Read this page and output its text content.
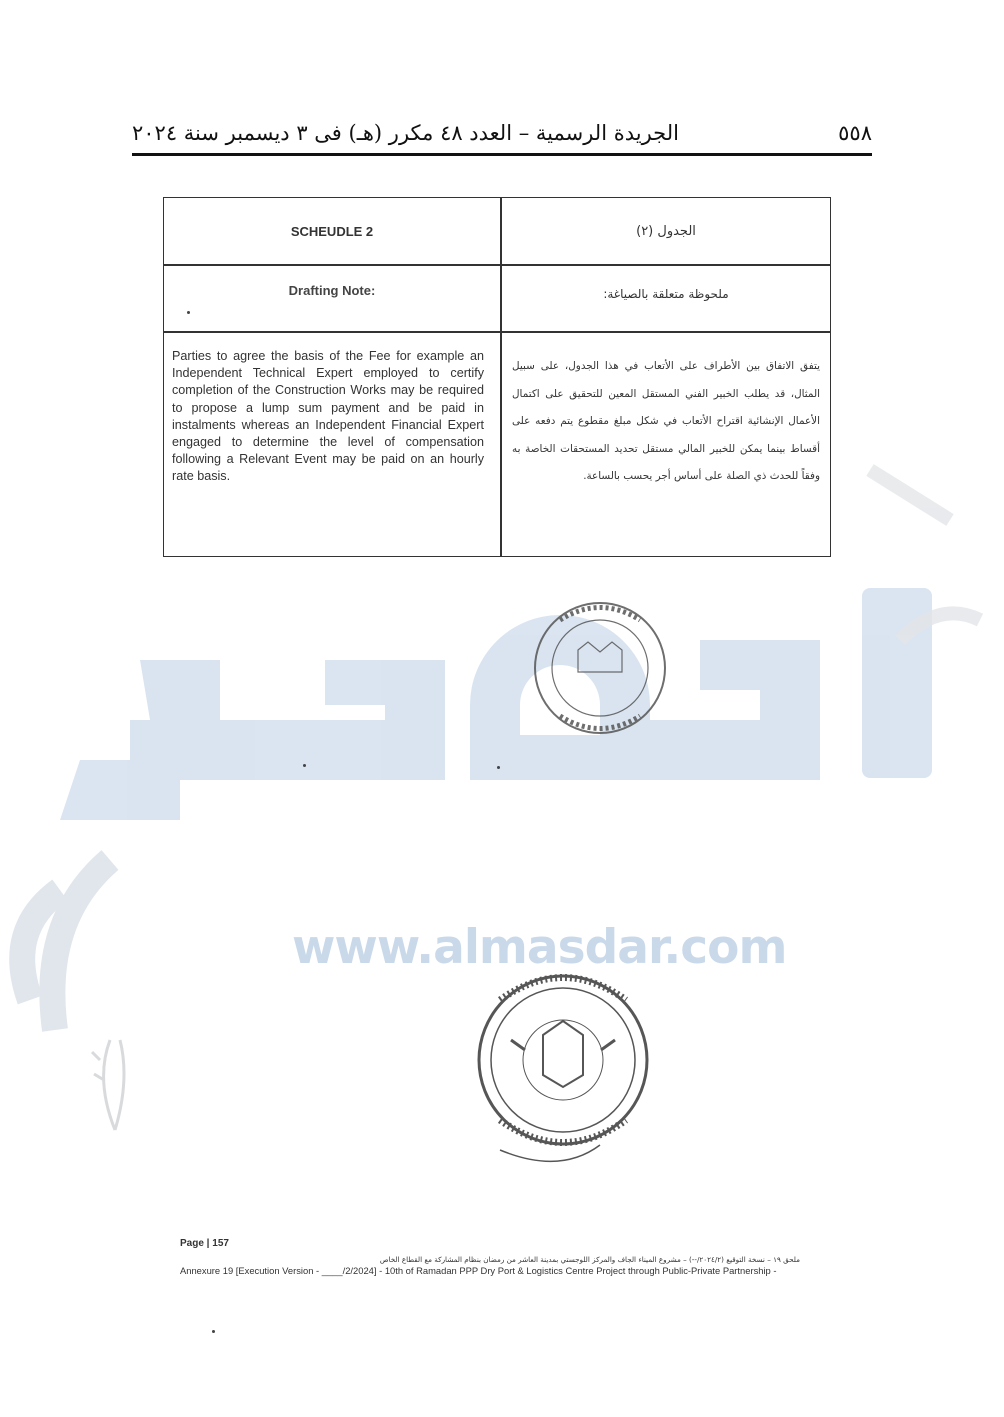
www.almasdar.com
٥٥٨
الجريدة الرسمية – العدد ٤٨ مكرر (هـ) فى ٣ ديسمبر سنة ٢٠٢٤
SCHEUDLE 2	الجدول (٢)
Drafting Note:	ملحوظة متعلقة بالصياغة:
Parties to agree the basis of the Fee for example an Independent Technical Expert employed to certify completion of the Construction Works may be required to propose a lump sum payment and be paid in instalments whereas an Independent Financial Expert engaged to determine the level of compensation following a Relevant Event may be paid on an hourly rate basis.
يتفق الاتفاق بين الأطراف على الأتعاب في هذا الجدول، على سبيل المثال، قد يطلب الخبير الفني المستقل المعين للتحقيق على اكتمال الأعمال الإنشائية اقتراح الأتعاب في شكل مبلغ مقطوع يتم دفعه على أقساط بينما يمكن للخبير المالي مستقل تحديد المستحقات الخاصة به وفقاً للحدث ذي الصلة على أساس أجر يحسب بالساعة.
Page | 157
ملحق ١٩ – نسخة التوقيع (٢٠٢٤/٢/--) – مشروع الميناء الجاف والمركز اللوجستي بمدينة العاشر من رمضان بنظام المشاركة مع القطاع الخاص
Annexure 19 [Execution Version - ____/2/2024] - 10th of Ramadan PPP Dry Port & Logistics Centre Project through Public-Private Partnership -
